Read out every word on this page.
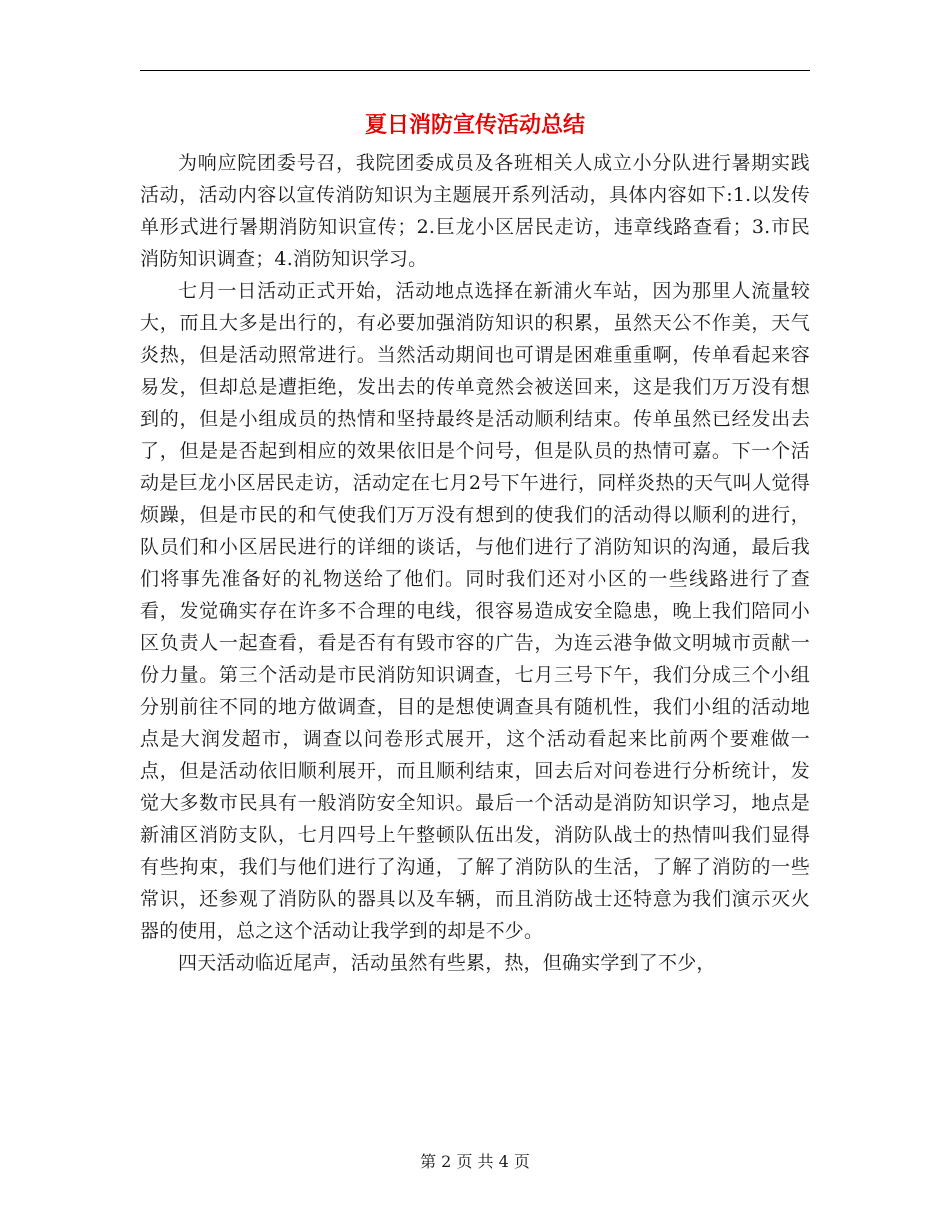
夏日消防宣传活动总结

为响应院团委号召，我院团委成员及各班相关人成立小分队进行暑期实践活动，活动内容以宣传消防知识为主题展开系列活动，具体内容如下:1.以发传单形式进行暑期消防知识宣传；2.巨龙小区居民走访，违章线路查看；3.市民消防知识调查；4.消防知识学习。

七月一日活动正式开始，活动地点选择在新浦火车站，因为那里人流量较大，而且大多是出行的，有必要加强消防知识的积累，虽然天公不作美，天气炎热，但是活动照常进行。当然活动期间也可谓是困难重重啊，传单看起来容易发，但却总是遭拒绝，发出去的传单竟然会被送回来，这是我们万万没有想到的，但是小组成员的热情和坚持最终是活动顺利结束。传单虽然已经发出去了，但是是否起到相应的效果依旧是个问号，但是队员的热情可嘉。下一个活动是巨龙小区居民走访，活动定在七月2号下午进行，同样炎热的天气叫人觉得烦躁，但是市民的和气使我们万万没有想到的使我们的活动得以顺利的进行，队员们和小区居民进行的详细的谈话，与他们进行了消防知识的沟通，最后我们将事先准备好的礼物送给了他们。同时我们还对小区的一些线路进行了查看，发觉确实存在许多不合理的电线，很容易造成安全隐患，晚上我们陪同小区负责人一起查看，看是否有有毁市容的广告，为连云港争做文明城市贡献一份力量。第三个活动是市民消防知识调查，七月三号下午，我们分成三个小组分别前往不同的地方做调查，目的是想使调查具有随机性，我们小组的活动地点是大润发超市，调查以问卷形式展开，这个活动看起来比前两个要难做一点，但是活动依旧顺利展开，而且顺利结束，回去后对问卷进行分析统计，发觉大多数市民具有一般消防安全知识。最后一个活动是消防知识学习，地点是新浦区消防支队，七月四号上午整顿队伍出发，消防队战士的热情叫我们显得有些拘束，我们与他们进行了沟通，了解了消防队的生活，了解了消防的一些常识，还参观了消防队的器具以及车辆，而且消防战士还特意为我们演示灭火器的使用，总之这个活动让我学到的却是不少。

四天活动临近尾声，活动虽然有些累，热，但确实学到了不少，

第 2 页 共 4 页
